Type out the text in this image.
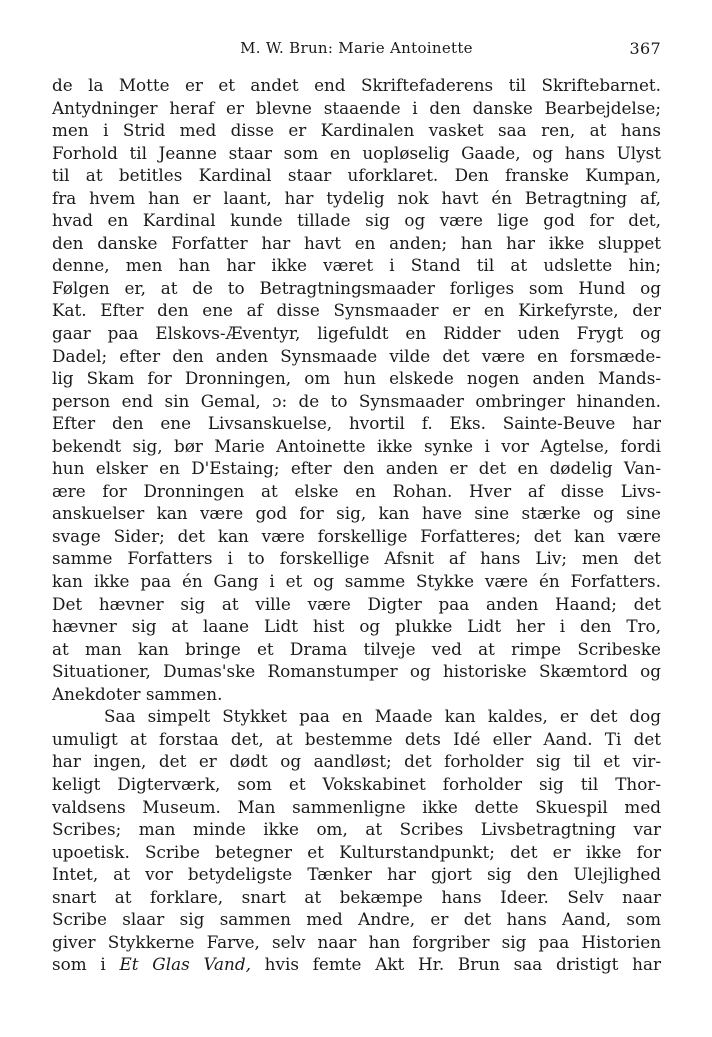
M. W. Brun: Marie Antoinette	367
de la Motte er et andet end Skriftefaderens til Skriftebarnet.
Antydninger heraf er blevne staaende i den danske Bearbejdelse;
men i Strid med disse er Kardinalen vasket saa ren, at hans
Forhold til Jeanne staar som en uopløselig Gaade, og hans Ulyst
til at betitles Kardinal staar uforklaret. Den franske Kumpan,
fra hvem han er laant, har tydelig nok havt én Betragtning af,
hvad en Kardinal kunde tillade sig og være lige god for det,
den danske Forfatter har havt en anden; han har ikke sluppet
denne, men han har ikke været i Stand til at udslette hin;
Følgen er, at de to Betragtningsmaader forliges som Hund og
Kat. Efter den ene af disse Synsmaader er en Kirkefyrste, der
gaar paa Elskovs-Æventyr, ligefuldt en Ridder uden Frygt og
Dadel; efter den anden Synsmaade vilde det være en forsmæde-
lig Skam for Dronningen, om hun elskede nogen anden Mands-
person end sin Gemal, ɔ: de to Synsmaader ombringer hinanden.
Efter den ene Livsanskuelse, hvortil f. Eks. Sainte-Beuve har
bekendt sig, bør Marie Antoinette ikke synke i vor Agtelse, fordi
hun elsker en D'Estaing; efter den anden er det en dødelig Van-
ære for Dronningen at elske en Rohan. Hver af disse Livs-
anskuelser kan være god for sig, kan have sine stærke og sine
svage Sider; det kan være forskellige Forfatteres; det kan være
samme Forfatters i to forskellige Afsnit af hans Liv; men det
kan ikke paa én Gang i et og samme Stykke være én Forfatters.
Det hævner sig at ville være Digter paa anden Haand; det
hævner sig at laane Lidt hist og plukke Lidt her i den Tro,
at man kan bringe et Drama tilveje ved at rimpe Scribeske
Situationer, Dumas'ske Romanstumper og historiske Skæmtord og
Anekdoter sammen.
Saa simpelt Stykket paa en Maade kan kaldes, er det dog
umuligt at forstaa det, at bestemme dets Idé eller Aand. Ti det
har ingen, det er dødt og aandløst; det forholder sig til et vir-
keligt Digterværk, som et Vokskabinet forholder sig til Thor-
valdsens Museum. Man sammenligne ikke dette Skuespil med
Scribes; man minde ikke om, at Scribes Livsbetragtning var
upoetisk. Scribe betegner et Kulturstandpunkt; det er ikke for
Intet, at vor betydeligste Tænker har gjort sig den Ulejlighed
snart at forklare, snart at bekæmpe hans Ideer. Selv naar
Scribe slaar sig sammen med Andre, er det hans Aand, som
giver Stykkerne Farve, selv naar han forgriber sig paa Historien
som i Et Glas Vand, hvis femte Akt Hr. Brun saa dristigt har
